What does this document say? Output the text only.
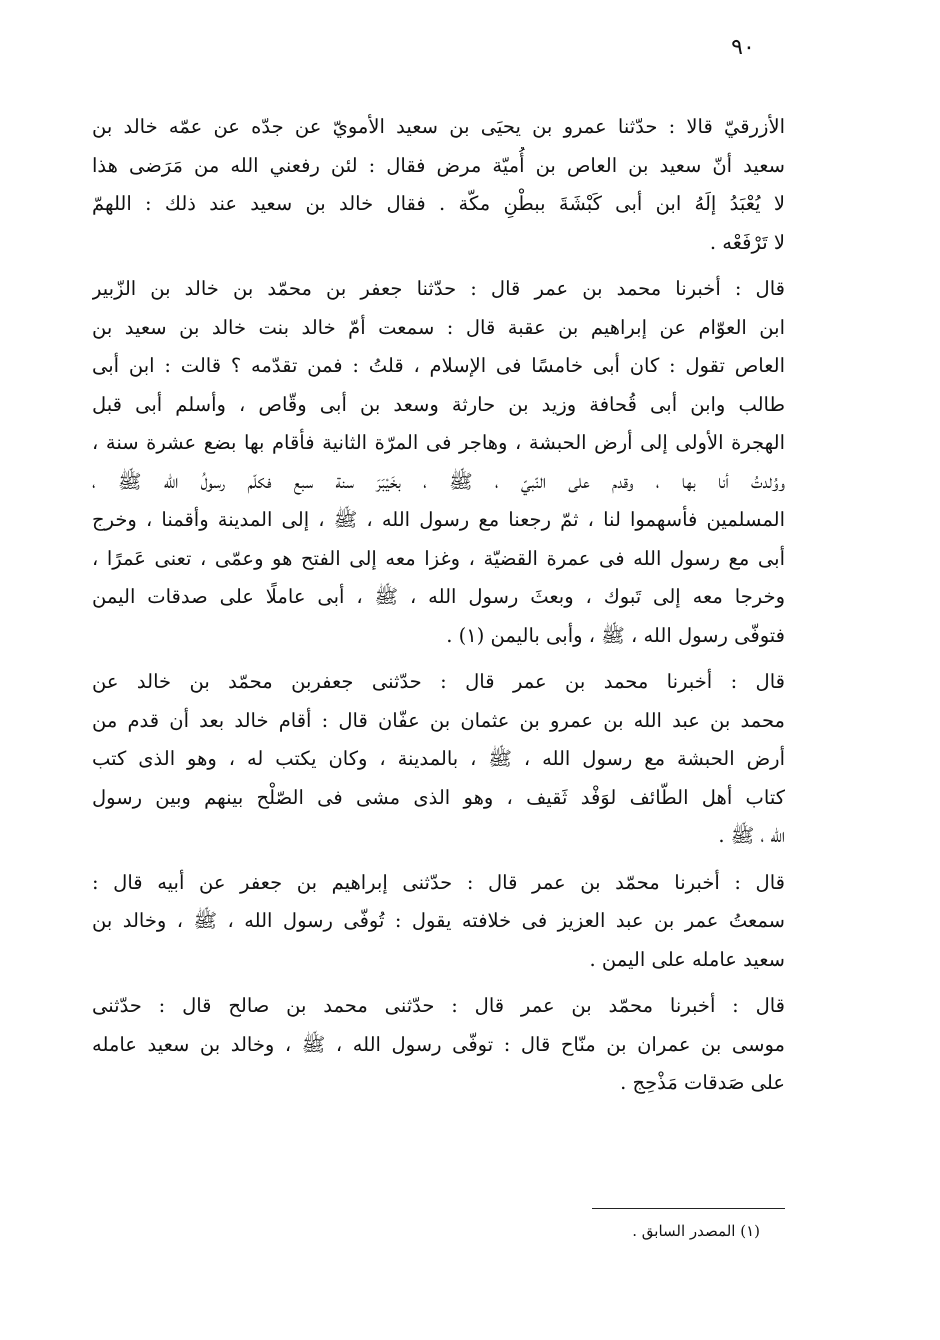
٩٠
الأزرقيّ قالا : حدّثنا عمرو بن يحيَى بن سعيد الأمويّ عن جدّه عن عمّه خالد بن
سعيد أنّ سعيد بن العاص بن أُميّة مرض فقال : لئن رفعني الله من مَرَضى هذا
لا يُعْبَدُ إلَهُ ابن أبى كَبْشَةَ ببطْنِ مكّة . فقال خالد بن سعيد عند ذلك : اللهمّ
لا تَرْفَعْه .
قال : أخبرنا محمد بن عمر قال : حدّثنا جعفر بن محمّد بن خالد بن الزّبير
ابن العوّام عن إبراهيم بن عقبة قال : سمعت أمّ خالد بنت خالد بن سعيد بن
العاص تقول : كان أبى خامسًا فى الإسلام ، قلتُ : فمن تقدّمه ؟ قالت : ابن أبى
طالب وابن أبى قُحافة وزيد بن حارثة وسعد بن أبى وقّاص ، وأسلم أبى قبل
الهجرة الأولى إلى أرض الحبشة ، وهاجر فى المرّة الثانية فأقام بها بضع عشرة سنة ،
ووُلدتُ أنا بها ، وقدم على النّبيّ ، ﷺ ، بخَيْبَرَ سنة سبع فكلّم رسولُ الله ﷺ ،
المسلمين فأسهموا لنا ، ثمّ رجعنا مع رسول الله ، ﷺ ، إلى المدينة وأقمنا ، وخرج
أبى مع رسول الله فى عمرة القضيّة ، وغزا معه إلى الفتح هو وعمّى ، تعنى عَمرًا ،
وخرجا معه إلى تَبوك ، وبعثَ رسول الله ، ﷺ ، أبى عاملًا على صدقات اليمن
فتوفّى رسول الله ، ﷺ ، وأبى باليمن (١) .
قال : أخبرنا محمد بن عمر قال : حدّثنى جعفربن محمّد بن خالد عن
محمد بن عبد الله بن عمرو بن عثمان بن عفّان قال : أقام خالد بعد أن قدم من
أرض الحبشة مع رسول الله ، ﷺ ، بالمدينة ، وكان يكتب له ، وهو الذى كتب
كتاب أهل الطّائف لوَفْد ثَقيف ، وهو الذى مشى فى الصّلْح بينهم وبين رسول
الله ، ﷺ .
قال : أخبرنا محمّد بن عمر قال : حدّثنى إبراهيم بن جعفر عن أبيه قال :
سمعتُ عمر بن عبد العزيز فى خلافته يقول : تُوفّى رسول الله ، ﷺ ، وخالد بن
سعيد عامله على اليمن .
قال : أخبرنا محمّد بن عمر قال : حدّثنى محمد بن صالح قال : حدّثنى
موسى بن عمران بن منّاح قال : توفّى رسول الله ، ﷺ ، وخالد بن سعيد عامله
على صَدقات مَذْحِج .
(١) المصدر السابق .
